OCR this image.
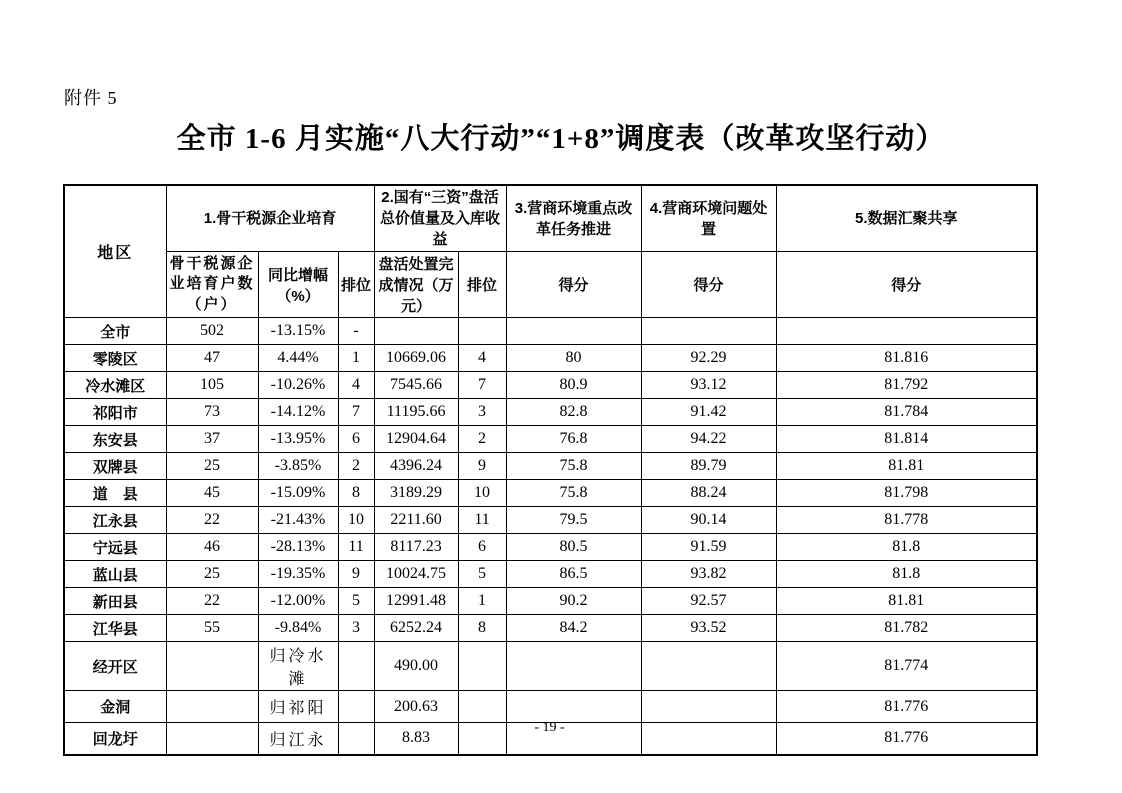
附件 5
全市 1-6 月实施“八大行动”“1+8”调度表（改革攻坚行动）
地区	1.骨干税源企业培育			2.国有“三资”盘活总价值量及入库收益		3.营商环境重点改革任务推进	4.营商环境问题处置	5.数据汇聚共享
	骨干税源企业培育户数（户）	同比增幅（%）	排位	盘活处置完成情况（万元）	排位	得分	得分	得分
全市	502	-13.15%	-					
零陵区	47	4.44%	1	10669.06	4	80	92.29	81.816
冷水滩区	105	-10.26%	4	7545.66	7	80.9	93.12	81.792
祁阳市	73	-14.12%	7	11195.66	3	82.8	91.42	81.784
东安县	37	-13.95%	6	12904.64	2	76.8	94.22	81.814
双牌县	25	-3.85%	2	4396.24	9	75.8	89.79	81.81
道　县	45	-15.09%	8	3189.29	10	75.8	88.24	81.798
江永县	22	-21.43%	10	2211.60	11	79.5	90.14	81.778
宁远县	46	-28.13%	11	8117.23	6	80.5	91.59	81.8
蓝山县	25	-19.35%	9	10024.75	5	86.5	93.82	81.8
新田县	22	-12.00%	5	12991.48	1	90.2	92.57	81.81
江华县	55	-9.84%	3	6252.24	8	84.2	93.52	81.782
经开区		归冷水滩		490.00				81.774
金洞		归祁阳		200.63				81.776
回龙圩		归江永		8.83				81.776
- 19 -
